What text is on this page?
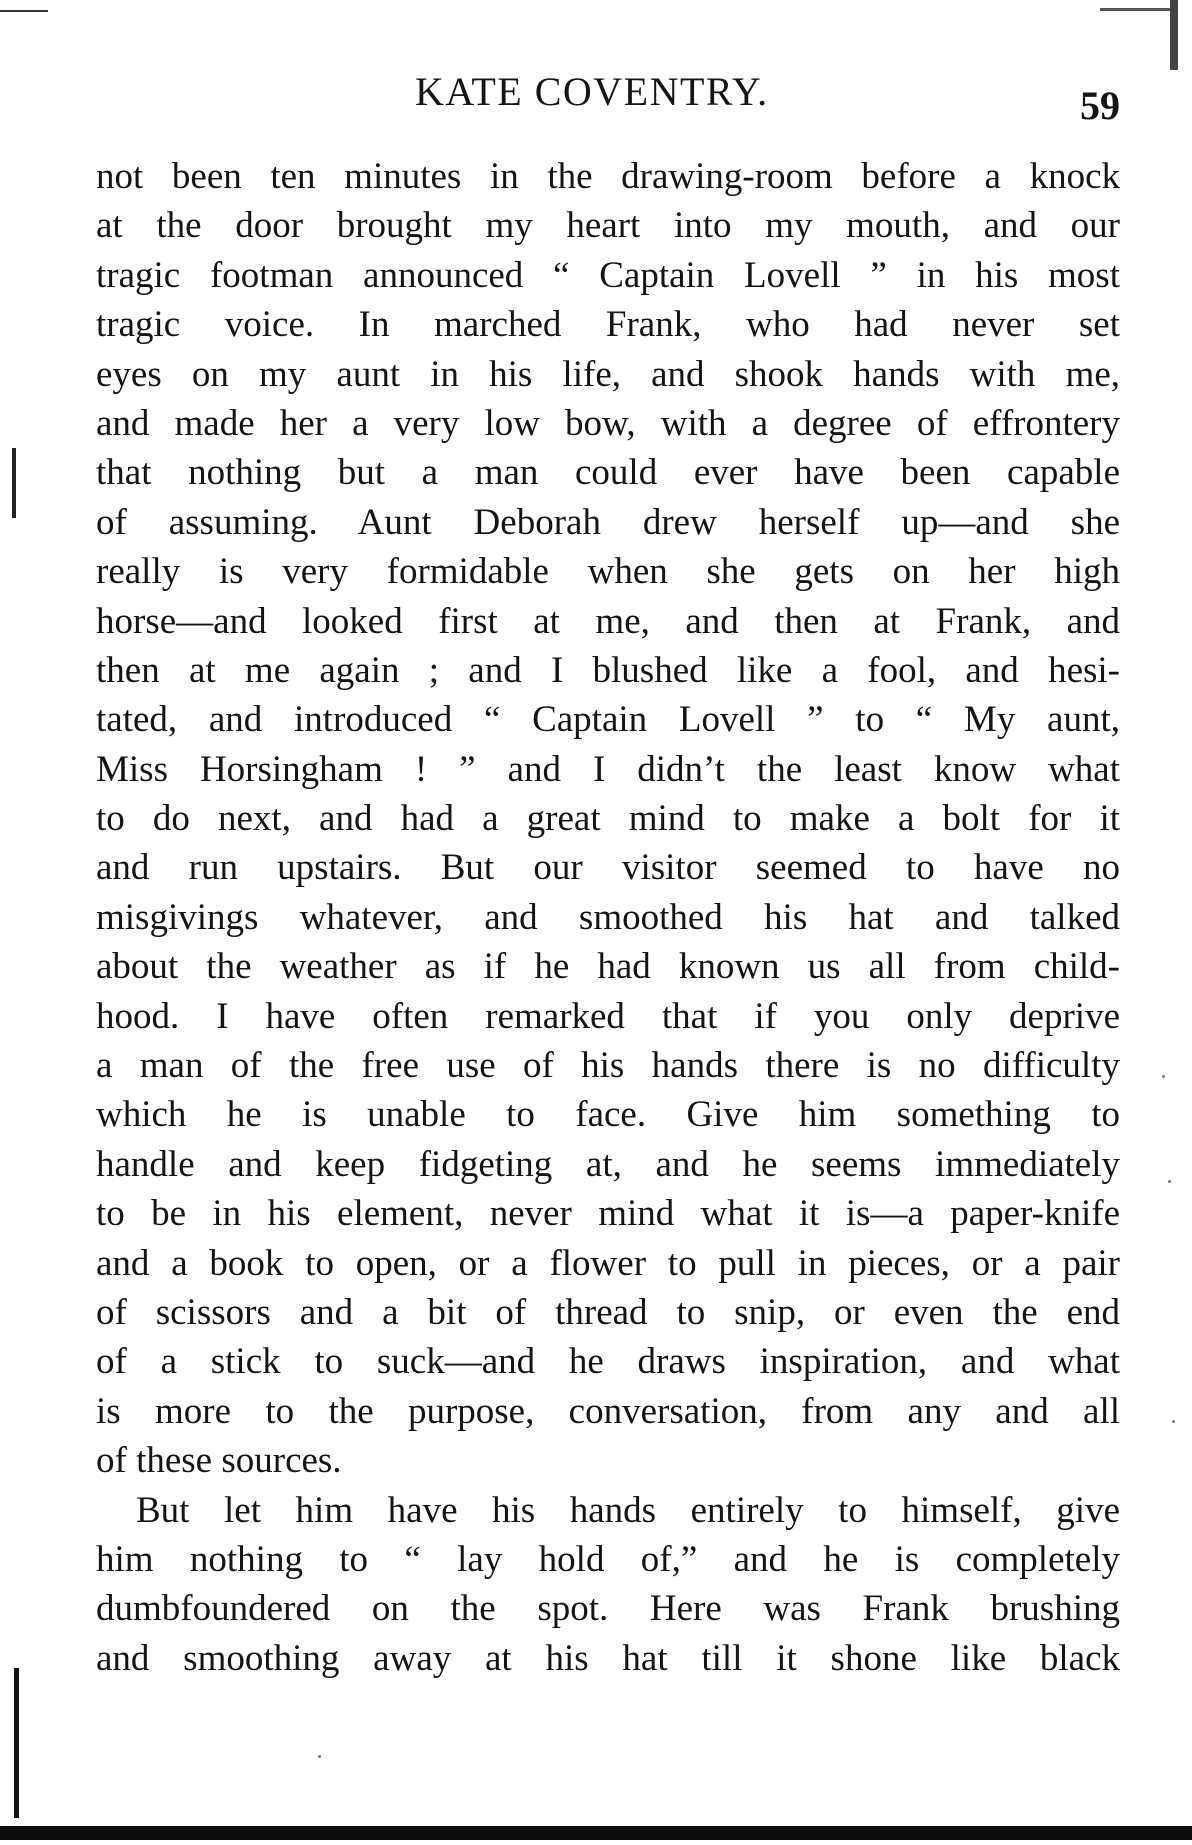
KATE COVENTRY.	59
not been ten minutes in the drawing-room before a knock
at the door brought my heart into my mouth, and our
tragic footman announced “ Captain Lovell ” in his most
tragic voice. In marched Frank, who had never set
eyes on my aunt in his life, and shook hands with me,
and made her a very low bow, with a degree of effrontery
that nothing but a man could ever have been capable
of assuming. Aunt Deborah drew herself up—and she
really is very formidable when she gets on her high
horse—and looked first at me, and then at Frank, and
then at me again ; and I blushed like a fool, and hesi-
tated, and introduced “ Captain Lovell ” to “ My aunt,
Miss Horsingham ! ” and I didn’t the least know what
to do next, and had a great mind to make a bolt for it
and run upstairs. But our visitor seemed to have no
misgivings whatever, and smoothed his hat and talked
about the weather as if he had known us all from child-
hood. I have often remarked that if you only deprive
a man of the free use of his hands there is no difficulty
which he is unable to face. Give him something to
handle and keep fidgeting at, and he seems immediately
to be in his element, never mind what it is—a paper-knife
and a book to open, or a flower to pull in pieces, or a pair
of scissors and a bit of thread to snip, or even the end
of a stick to suck—and he draws inspiration, and what
is more to the purpose, conversation, from any and all
of these sources.
But let him have his hands entirely to himself, give
him nothing to “ lay hold of,” and he is completely
dumbfoundered on the spot. Here was Frank brushing
and smoothing away at his hat till it shone like black
